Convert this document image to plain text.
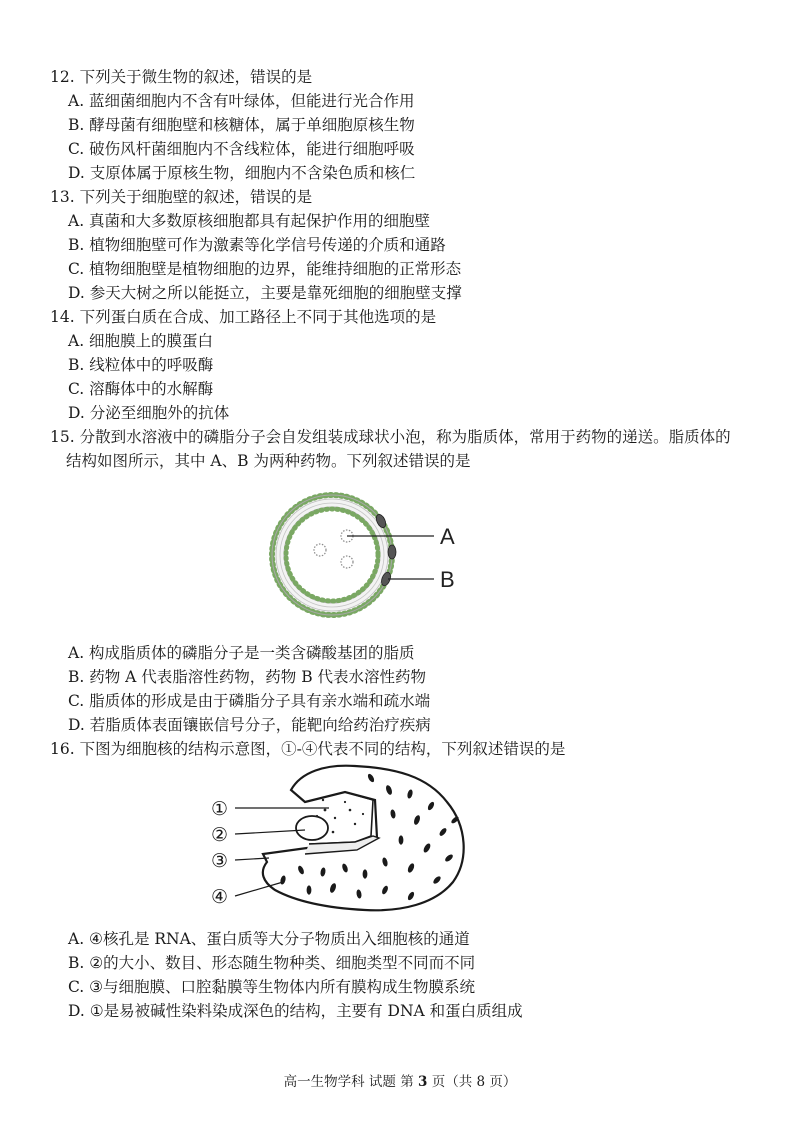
12. 下列关于微生物的叙述，错误的是
A. 蓝细菌细胞内不含有叶绿体，但能进行光合作用
B. 酵母菌有细胞壁和核糖体，属于单细胞原核生物
C. 破伤风杆菌细胞内不含线粒体，能进行细胞呼吸
D. 支原体属于原核生物，细胞内不含染色质和核仁
13. 下列关于细胞壁的叙述，错误的是
A. 真菌和大多数原核细胞都具有起保护作用的细胞壁
B. 植物细胞壁可作为激素等化学信号传递的介质和通路
C. 植物细胞壁是植物细胞的边界，能维持细胞的正常形态
D. 参天大树之所以能挺立，主要是靠死细胞的细胞壁支撑
14. 下列蛋白质在合成、加工路径上不同于其他选项的是
A. 细胞膜上的膜蛋白
B. 线粒体中的呼吸酶
C. 溶酶体中的水解酶
D. 分泌至细胞外的抗体
15. 分散到水溶液中的磷脂分子会自发组装成球状小泡，称为脂质体，常用于药物的递送。脂质体的
结构如图所示，其中 A、B 为两种药物。下列叙述错误的是
A
B
A. 构成脂质体的磷脂分子是一类含磷酸基团的脂质
B. 药物 A 代表脂溶性药物，药物 B 代表水溶性药物
C. 脂质体的形成是由于磷脂分子具有亲水端和疏水端
D. 若脂质体表面镶嵌信号分子，能靶向给药治疗疾病
16. 下图为细胞核的结构示意图，①-④代表不同的结构，下列叙述错误的是
①
②
③
④
A. ④核孔是 RNA、蛋白质等大分子物质出入细胞核的通道
B. ②的大小、数目、形态随生物种类、细胞类型不同而不同
C. ③与细胞膜、口腔黏膜等生物体内所有膜构成生物膜系统
D. ①是易被碱性染料染成深色的结构，主要有 DNA 和蛋白质组成
高一生物学科 试题 第 3 页（共 8 页）
